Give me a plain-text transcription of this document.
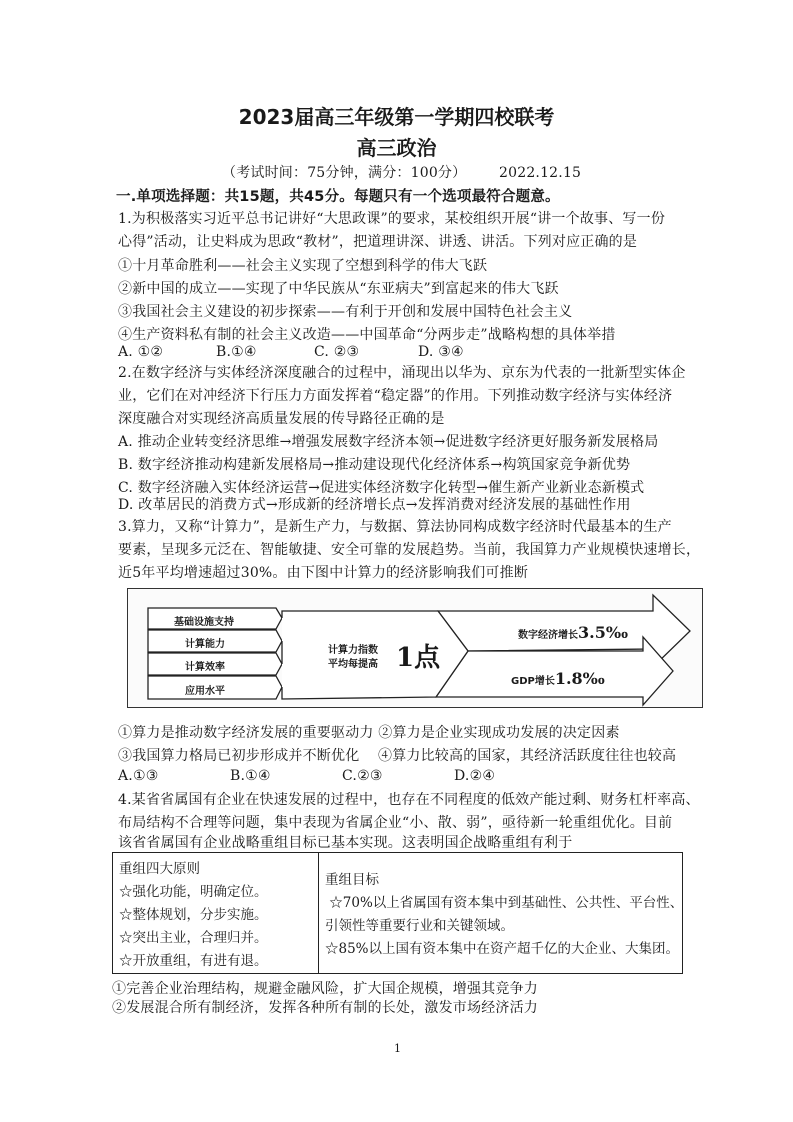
2023届高三年级第一学期四校联考
高三政治
（考试时间：75分钟，满分：100分） 2022.12.15
一.单项选择题：共15题，共45分。每题只有一个选项最符合题意。
1.为积极落实习近平总书记讲好“大思政课”的要求，某校组织开展“讲一个故事、写一份
心得”活动，让史料成为思政“教材”，把道理讲深、讲透、讲活。下列对应正确的是
①十月革命胜利——社会主义实现了空想到科学的伟大飞跃
②新中国的成立——实现了中华民族从“东亚病夫”到富起来的伟大飞跃
③我国社会主义建设的初步探索——有利于开创和发展中国特色社会主义
④生产资料私有制的社会主义改造——中国革命“分两步走”战略构想的具体举措
A. ①②	B.①④	C. ②③	D. ③④
2.在数字经济与实体经济深度融合的过程中，涌现出以华为、京东为代表的一批新型实体企
业，它们在对冲经济下行压力方面发挥着“稳定器”的作用。下列推动数字经济与实体经济
深度融合对实现经济高质量发展的传导路径正确的是
A. 推动企业转变经济思维→增强发展数字经济本领→促进数字经济更好服务新发展格局
B. 数字经济推动构建新发展格局→推动建设现代化经济体系→构筑国家竞争新优势
C. 数字经济融入实体经济运营→促进实体经济数字化转型→催生新产业新业态新模式
D. 改革居民的消费方式→形成新的经济增长点→发挥消费对经济发展的基础性作用
3.算力，又称“计算力”，是新生产力，与数据、算法协同构成数字经济时代最基本的生产
要素，呈现多元泛在、智能敏捷、安全可靠的发展趋势。当前，我国算力产业规模快速增长，
近5年平均增速超过30%。由下图中计算力的经济影响我们可推断
基础设施支持
计算能力
计算效率
应用水平
计算力指数
平均每提高 1点
数字经济增长3.5‰
GDP增长1.8‰
①算力是推动数字经济发展的重要驱动力 ②算力是企业实现成功发展的决定因素
③我国算力格局已初步形成并不断优化    ④算力比较高的国家，其经济活跃度往往也较高
A.①③	B.①④	C.②③	D.②④
4.某省省属国有企业在快速发展的过程中，也存在不同程度的低效产能过剩、财务杠杆率高、
布局结构不合理等问题，集中表现为省属企业“小、散、弱”，亟待新一轮重组优化。目前
该省省属国有企业战略重组目标已基本实现。这表明国企战略重组有利于
重组四大原则
☆强化功能，明确定位。
☆整体规划，分步实施。
☆突出主业，合理归并。
☆开放重组，有进有退。
重组目标
☆70%以上省属国有资本集中到基础性、公共性、平台性、
引领性等重要行业和关键领域。
☆85%以上国有资本集中在资产超千亿的大企业、大集团。
①完善企业治理结构，规避金融风险，扩大国企规模，增强其竞争力
②发展混合所有制经济，发挥各种所有制的长处，激发市场经济活力
1
